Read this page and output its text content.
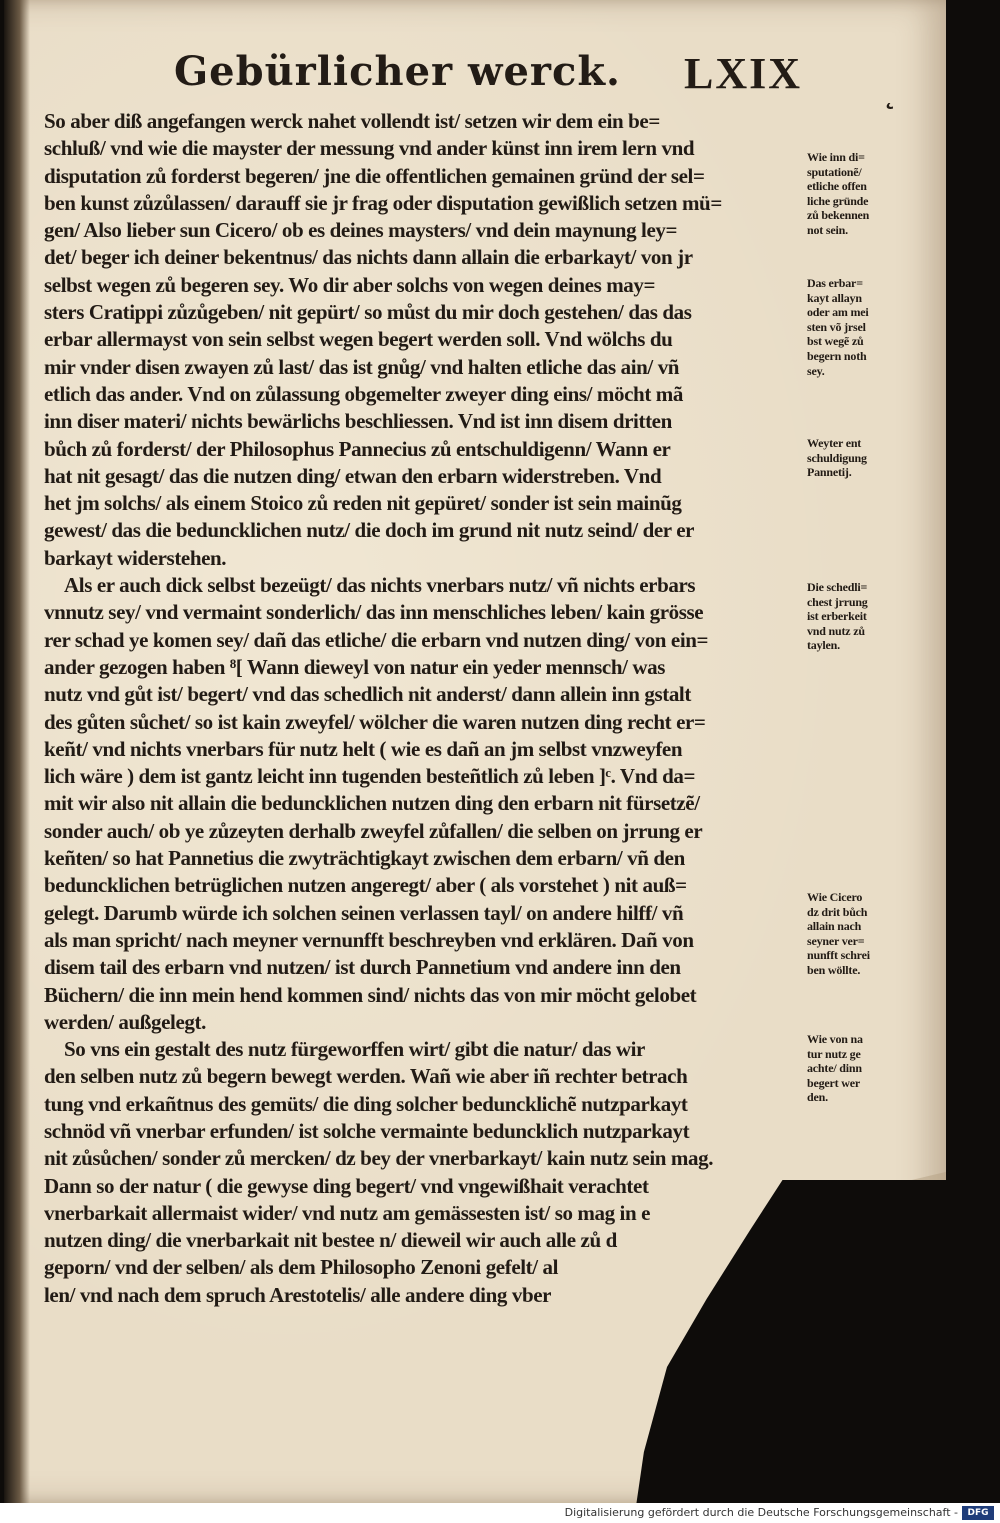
Gebürlicher werck. LXIX	˛
So aber diß angefangen werck nahet vollendt ist/ setzen wir dem ein be=
schluß/ vnd wie die mayster der messung vnd ander künst inn irem lern vnd
disputation zů forderst begeren/ jne die offentlichen gemainen gründ der sel=
ben kunst zůzůlassen/ darauff sie jr frag oder disputation gewißlich setzen mü=
gen/ Also lieber sun Cicero/ ob es deines maysters/ vnd dein maynung ley=
det/ beger ich deiner bekentnus/ das nichts dann allain die erbarkayt/ von jr
selbst wegen zů begeren sey. Wo dir aber solchs von wegen deines may=
sters Cratippi zůzůgeben/ nit gepürt/ so můst du mir doch gestehen/ das das
erbar allermayst von sein selbst wegen begert werden soll. Vnd wölchs du
mir vnder disen zwayen zů last/ das ist gnůg/ vnd halten etliche das ain/ vñ
etlich das ander. Vnd on zůlassung obgemelter zweyer ding eins/ möcht mã
inn diser materi/ nichts bewärlichs beschliessen. Vnd ist inn disem dritten
bůch zů forderst/ der Philosophus Pannecius zů entschuldigenn/ Wann er
hat nit gesagt/ das die nutzen ding/ etwan den erbarn widerstreben. Vnd
het jm solchs/ als einem Stoico zů reden nit gepüret/ sonder ist sein mainũg
gewest/ das die beduncklichen nutz/ die doch im grund nit nutz seind/ der er
barkayt widerstehen.
Als er auch dick selbst bezeügt/ das nichts vnerbars nutz/ vñ nichts erbars
vnnutz sey/ vnd vermaint sonderlich/ das inn menschliches leben/ kain grösse
rer schad ye komen sey/ dañ das etliche/ die erbarn vnd nutzen ding/ von ein=
ander gezogen haben ⁸[ Wann dieweyl von natur ein yeder mennsch/ was
nutz vnd gůt ist/ begert/ vnd das schedlich nit anderst/ dann allein inn gstalt
des gůten sůchet/ so ist kain zweyfel/ wölcher die waren nutzen ding recht er=
keñt/ vnd nichts vnerbars für nutz helt ( wie es dañ an jm selbst vnzweyfen
lich wäre ) dem ist gantz leicht inn tugenden besteñtlich zů leben ]ᶜ. Vnd da=
mit wir also nit allain die beduncklichen nutzen ding den erbarn nit fürsetzẽ/
sonder auch/ ob ye zůzeyten derhalb zweyfel zůfallen/ die selben on jrrung er
keñten/ so hat Pannetius die zwyträchtigkayt zwischen dem erbarn/ vñ den
beduncklichen betrüglichen nutzen angeregt/ aber ( als vorstehet ) nit auß=
gelegt. Darumb würde ich solchen seinen verlassen tayl/ on andere hilff/ vñ
als man spricht/ nach meyner vernunfft beschreyben vnd erklären. Dañ von
disem tail des erbarn vnd nutzen/ ist durch Pannetium vnd andere inn den
Büchern/ die inn mein hend kommen sind/ nichts das von mir möcht gelobet
werden/ außgelegt.
So vns ein gestalt des nutz fürgeworffen wirt/ gibt die natur/ das wir
den selben nutz zů begern bewegt werden. Wañ wie aber iñ rechter betrach
tung vnd erkañtnus des gemüts/ die ding solcher beduncklichẽ nutzparkayt
schnöd vñ vnerbar erfunden/ ist solche vermainte beduncklich nutzparkayt
nit zůsůchen/ sonder zů mercken/ dz bey der vnerbarkayt/ kain nutz sein mag.
Dann so der natur ( die gewyse ding begert/ vnd vngewißhait verachtet
vnerbarkait allermaist wider/ vnd nutz am gemässesten ist/ so mag in e
nutzen ding/ die vnerbarkait nit bestee n/ dieweil wir auch alle zů d
geporn/ vnd der selben/ als dem Philosopho Zenoni gefelt/ al
len/ vnd nach dem spruch Arestotelis/ alle andere ding vber
Wie inn di=
sputationẽ/
etliche offen
liche gründe
zů bekennen
not sein.
Das erbar=
kayt allayn
oder am mei
sten võ jrsel
bst wegẽ zů
begern noth
sey.
Weyter ent
schuldigung
Pannetij.
Die schedli=
chest jrrung
ist erberkeit
vnd nutz zů
taylen.
Wie Cicero
dz drit bůch
allain nach
seyner ver=
nunfft schrei
ben wöllte.
Wie von na
tur nutz ge
achte/ dinn
begert wer
den.
Digitalisierung gefördert durch die Deutsche Forschungsgemeinschaft -	DFG
